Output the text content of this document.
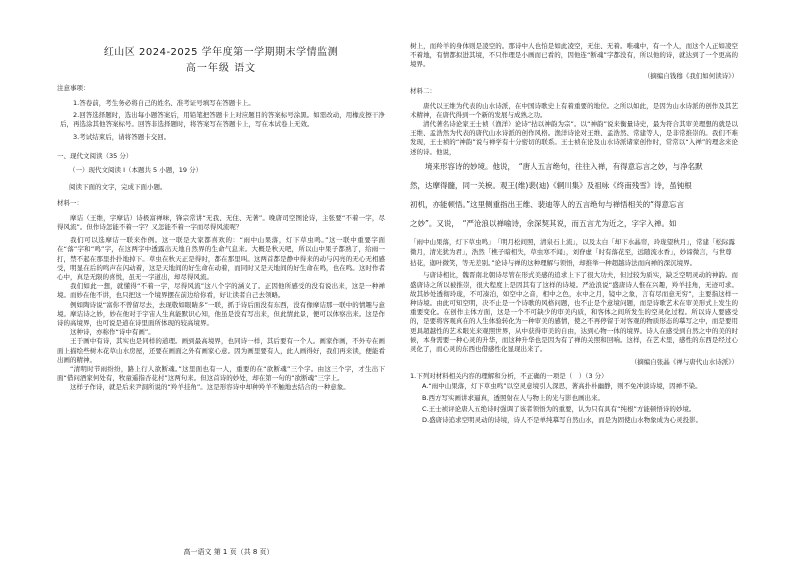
红山区 2024-2025 学年度第一学期期末学情监测
高一年级 语文
注意事项：

1.答卷前，考生务必将自己的姓名、准考证号填写在答题卡上。

2.回答选择题时，选出每小题答案后，用铅笔把答题卡上对应题目的答案标号涂黑。如需改动，用橡皮擦干净后，再选涂其他答案标号。回答非选择题时，将答案写在答题卡上，写在本试卷上无效。

3.考试结束后，请将答题卡交回。

一、现代文阅读（35 分）
（一）现代文阅读 I（本题共 5 小题，19 分）
阅读下面的文字，完成下面小题。
材料一：

摩诘（王维，字摩诘）诗极富禅味，锋宗常讲“无我、无住、无著”。晚唐司空图论诗，主张要“不着一字，尽得风流”。但作诗怎能不着一字？又怎能不着一字而尽得风流呢？

我们可以选摩诘一联来作例。这一联是大家都喜欢的：“雨中山果落，灯下草虫鸣。”这一联中重要字面在“落”字和“鸣”字，在这两字中透露出天地自然界的生命气息来。大概是秋天吧，所以山中果子都熟了，给雨一打，禁不起在那里扑扑地掉下。草虫在秋天正是得时，都在那里叫。这两首都是静中得来的动与闪亮的无心无相感受，明显在后的鸣声在闪动着，这是天地间的好生命在动着，而同时又是天地间的好生命在鸣，也在鸣。这时作者心中，真是无限的喜悦，虽无一字道出，却尽得风流。

我们如此一想，就懂得“不着一字，尽得风流”这八个字的涵义了。正因他所感受的没有说出来，这是一种禅境。而妙在他不讲，也只把这一个境界摆在前边给你看，好让读者自己去领略。

例如陶诗说“富你不曾留尽去，去现敬如眼睛多”一联，抓于诗后面没有东西，没有像摩诘那一联中的情趣与意境。摩诘诗之妙，妙在他对于宇宙人生真能默识心知，他虽是没有写出来，但此情此景，便可以体察出来。这是作诗的高境界，也可说是道在诗里面所体现的较高境界。

这种诗，亦称作“诗中有画”。

王于画中有诗，其实也是同样的道理。画到最高境界，也同诗一样，其后要有一个人。画家作画，不外专在画面上描绘些树木花草山水房屋，还要在画面之外有画家心意。因为画里要有人，此人画得好，我们再来读，便能看出画的精神。

“清明时节雨纷纷，路上行人欲断魂。”这里面也有一人，重要的在“欲断魂”三个字。由这三个字，才生出下面“借问酒家何处有，牧童遥指杏花村”这两句来。但这首诗的妙处，却在第一句的“欲断魂”三字上。

这样子作诗，就是后来尹洞所说的“羚羊挂角”。这是形容诗中却种羚羊不触地去结合的一种意象。

高一语文 第 1 页（共 8 页）

树上，而羚羊的身体则是凌空的。那诗中人也怕是如此凌空，无住、无着。唯魂中，有一个人，而这个人正如凌空不着地，有情都拟进其境，不只作理是小画而已看的，因他连“断魂”字都没有，所以他的诗，就达到了一个更高的境界。

（摘编自钱穆《我们如何读诗》）
材料二：

唐代以王维为代表的山水诗派，在中国诗歌史上有着重要的地位。之所以如此，是因为山水诗派的创作及其艺术精神，在唐代得到一个新的发展与成熟之功。

清代著名诗论家王士祯（渔洋）论诗“拈以神韵为宗”。以“神韵”说来衡量诗史，最为符合其审美理想的就是以王维、孟浩然为代表的唐代山水诗派的创作风格。渔洋诗论对王维、孟浩然、常建等人，是非常推崇的。我们不难发现，王士祯的“神韵”说与禅学有十分密切的联系。王士祯在论及山水诗派诸家创作时，常常以“入禅”的理念来论述的诗。他说，

境来形容诗的妙境。他说，　“唐人五言绝句，往往入禅，有得意忘言之妙，与净名默

然，达摩得髓，同一关棙。观王(维)裴(迪)《辋川集》及祖咏《终南残雪》诗，虽钝根

初机，亦能顿悟。”这里侧重指出王维、裴迪等人的五言绝句与禅悟相关的“得意忘言

之妙”。又说，　“严沧浪以禅喻诗，余深契其说，而五言尤为近之，字字入禅。如

「雨中山果落，灯下草虫鸣」　「明月松间照，清泉石上流」，以及太白「却下水晶帘，玲珑望秋月」，常建「松际露微月，清光犹为君」，浩然「樵子暗相失，草虫寒不闻」，刘眘虚「时有落花至，远随流水香」，妙谛微言，与世尊拈花，迦叶微笑，等无差别。”论诗与禅的这种理解与领悟，却推举一种超越诗法而向禅的深沉境界。

与唐诗相比，魏晋南北朝诗尽管在形式美感的追求上下了很大功夫，但过较为质实，缺乏空明灵动的神韵。而盛唐诗之所以被推崇，很大程度上是因其有了这样的诗境。严沧浪说“盛唐诗人惟在兴趣，羚羊挂角，无迹可求。故其妙处透彻玲珑，不可凑泊，如空中之音，相中之色，水中之月，镜中之象，言有尽而意无穷”，主要指这样一种诗境。由此可知空明，决不止是一个诗歌的风格问题，也不止是个意境问题，而是诗歌艺术在审美形式上发生的重要变化。在创作主体方面，这是一个不可缺少的审美内质，和客体之间所发生的空灵化过程。所以诗人要感受的，是要将客观真在的人生体验转化为一种审美的感情，使之不再停留于对客观的物质形态的摹写之中，而是要用更具超越性的艺术眼光来观照世界，从中获得审美的自由，达到心物一体的境界。诗人在感受到自然之中的美的时候，本身需要一种心灵的升华，而这种升华也是因为有了禅的关照和回响。这样，在艺术里，感性的东西是经过心灵化了，而心灵的东西也借感性化显现出来了。

（摘编自张晶《禅与唐代山水诗派》）

1.下列对材料相关内容的理解和分析，不正确的一项是（　）（3 分）

A.“雨中山果落，灯下草虫鸣”以空灵意境引人深思，著高扑朴幽静，则不免冲淡诗境，因禅不染。

B.西方写实画讲求逼真，透照射在人与物上的光与影也画出来。

C.王士祯评论唐人五绝诗时强调了该者领悟为的重要，认为只有具有“纯根”方能顿悟诗的妙境。

D.盛唐诗追求空明灵动的诗境，诗人不是单纯摹写自然山水，而是为固使山水物象成为心灵投影。
